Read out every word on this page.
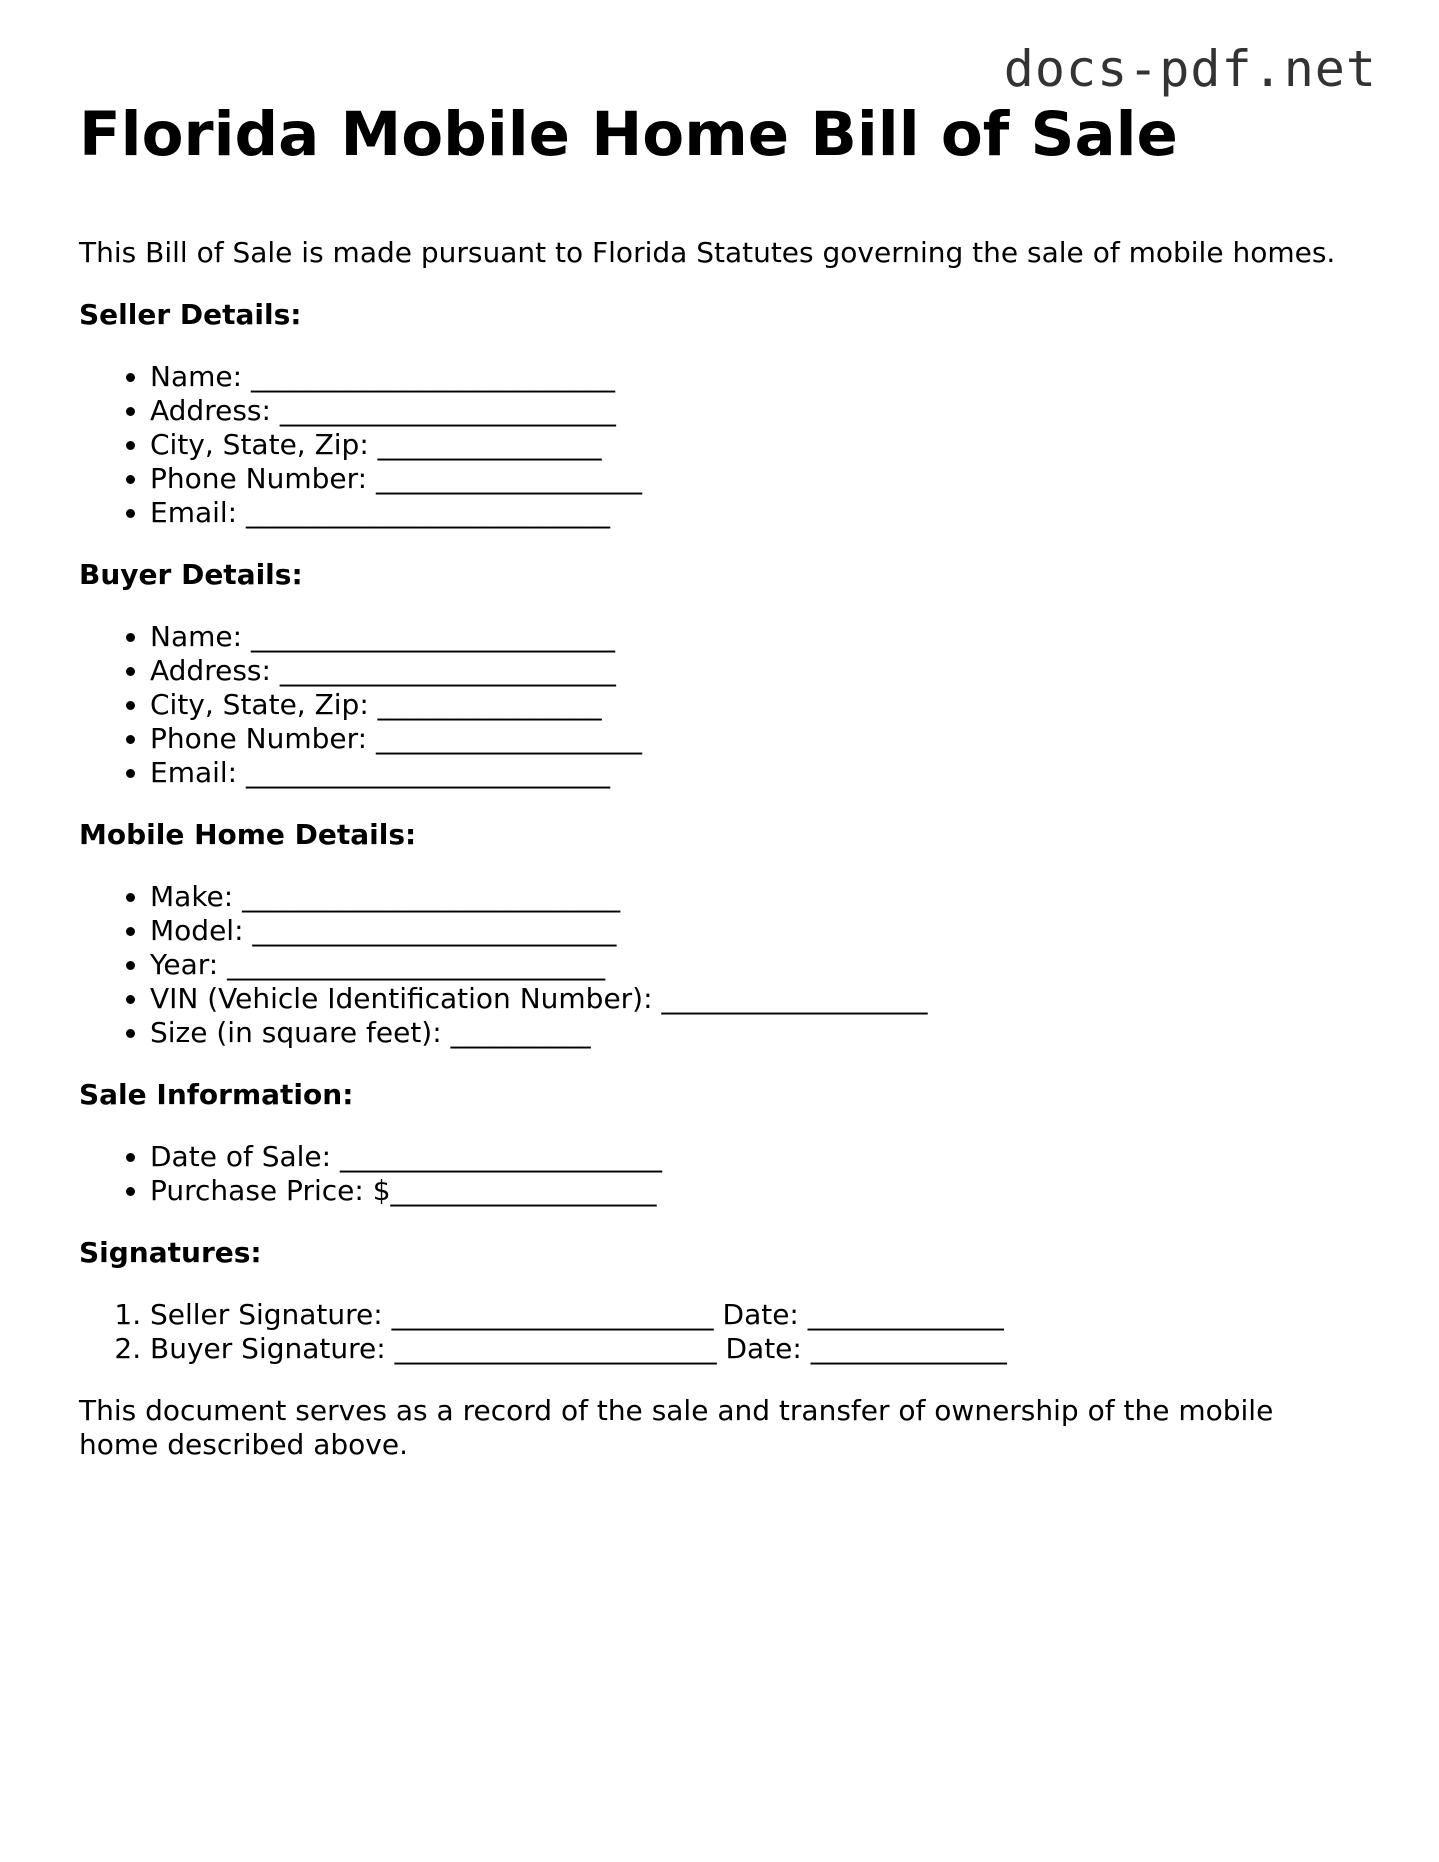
docs-pdf.net
Florida Mobile Home Bill of Sale

This Bill of Sale is made pursuant to Florida Statutes governing the sale of mobile homes.

Seller Details:
• Name: __________________________
• Address: ________________________
• City, State, Zip: ________________
• Phone Number: ___________________
• Email: __________________________
Buyer Details:
• Name: __________________________
• Address: ________________________
• City, State, Zip: ________________
• Phone Number: ___________________
• Email: __________________________
Mobile Home Details:
• Make: ___________________________
• Model: __________________________
• Year: ___________________________
• VIN (Vehicle Identification Number): ___________________
• Size (in square feet): __________
Sale Information:
• Date of Sale: _______________________
• Purchase Price: $___________________
Signatures:
1. Seller Signature: _______________________ Date: ______________
2. Buyer Signature: _______________________ Date: ______________

This document serves as a record of the sale and transfer of ownership of the mobile home described above.
